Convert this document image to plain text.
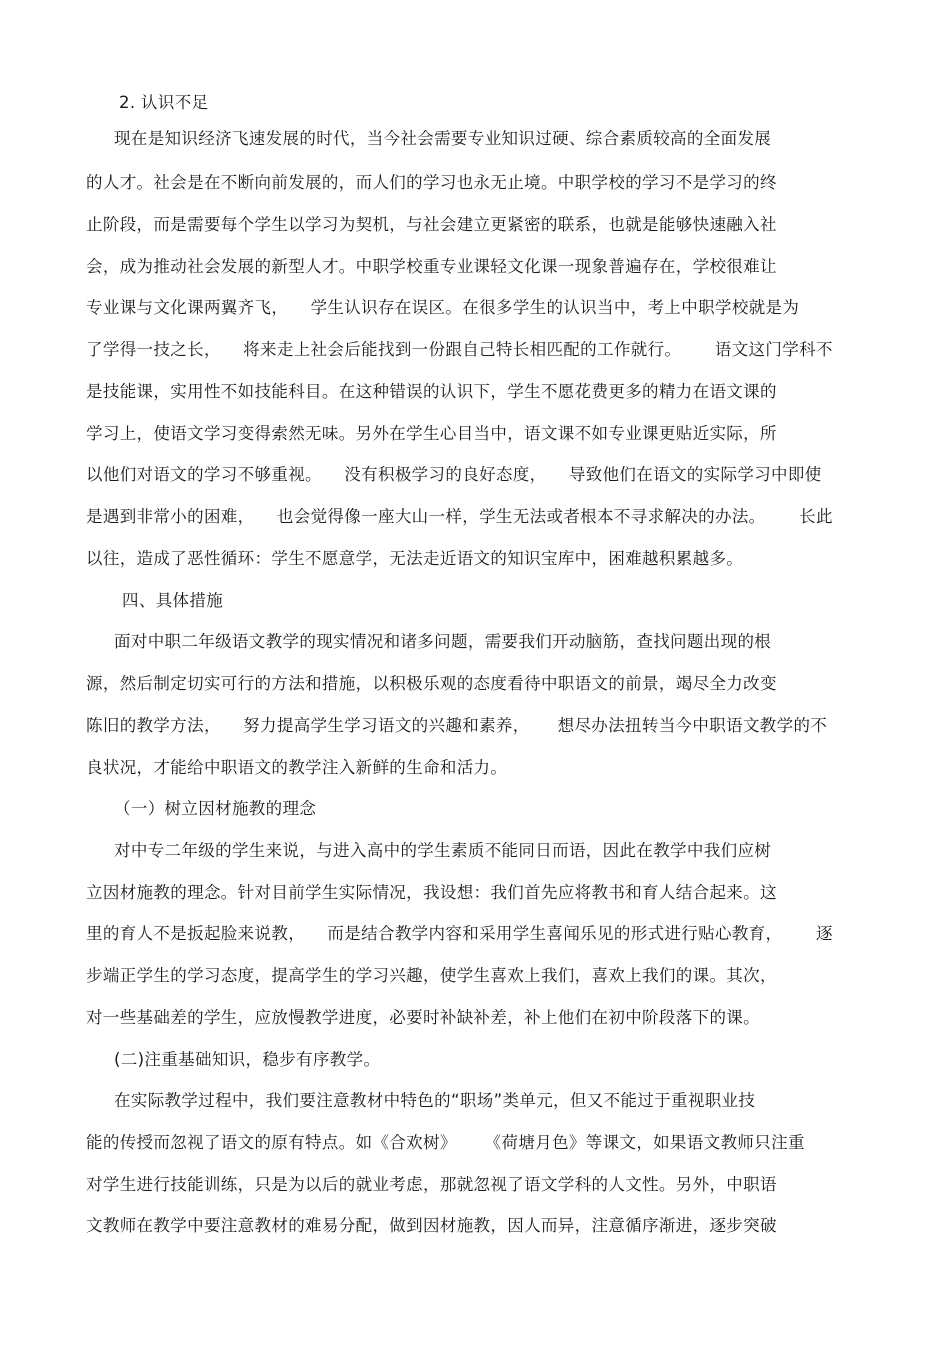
2. 认识不足
现在是知识经济飞速发展的时代，当今社会需要专业知识过硬、综合素质较高的全面发展
的人才。社会是在不断向前发展的，而人们的学习也永无止境。中职学校的学习不是学习的终
止阶段，而是需要每个学生以学习为契机，与社会建立更紧密的联系，也就是能够快速融入社
会，成为推动社会发展的新型人才。中职学校重专业课轻文化课一现象普遍存在，学校很难让
专业课与文化课两翼齐飞，    学生认识存在误区。在很多学生的认识当中，考上中职学校就是为
了学得一技之长，    将来走上社会后能找到一份跟自己特长相匹配的工作就行。      语文这门学科不
是技能课，实用性不如技能科目。在这种错误的认识下，学生不愿花费更多的精力在语文课的
学习上，使语文学习变得索然无味。另外在学生心目当中，语文课不如专业课更贴近实际，所
以他们对语文的学习不够重视。    没有积极学习的良好态度，    导致他们在语文的实际学习中即使
是遇到非常小的困难，    也会觉得像一座大山一样，学生无法或者根本不寻求解决的办法。      长此
以往，造成了恶性循环：学生不愿意学，无法走近语文的知识宝库中，困难越积累越多。
四、具体措施
面对中职二年级语文教学的现实情况和诸多问题，需要我们开动脑筋，查找问题出现的根
源，然后制定切实可行的方法和措施，以积极乐观的态度看待中职语文的前景，竭尽全力改变
陈旧的教学方法，    努力提高学生学习语文的兴趣和素养，     想尽办法扭转当今中职语文教学的不
良状况，才能给中职语文的教学注入新鲜的生命和活力。
（一）树立因材施教的理念
对中专二年级的学生来说，与进入高中的学生素质不能同日而语，因此在教学中我们应树
立因材施教的理念。针对目前学生实际情况，我设想：我们首先应将教书和育人结合起来。这
里的育人不是扳起脸来说教，    而是结合教学内容和采用学生喜闻乐见的形式进行贴心教育，      逐
步端正学生的学习态度，提高学生的学习兴趣，使学生喜欢上我们，喜欢上我们的课。其次，
对一些基础差的学生，应放慢教学进度，必要时补缺补差，补上他们在初中阶段落下的课。
(二)注重基础知识，稳步有序教学。
在实际教学过程中，我们要注意教材中特色的“职场”类单元，但又不能过于重视职业技
能的传授而忽视了语文的原有特点。如《合欢树》     《荷塘月色》等课文，如果语文教师只注重
对学生进行技能训练，只是为以后的就业考虑，那就忽视了语文学科的人文性。另外，中职语
文教师在教学中要注意教材的难易分配，做到因材施教，因人而异，注意循序渐进，逐步突破
